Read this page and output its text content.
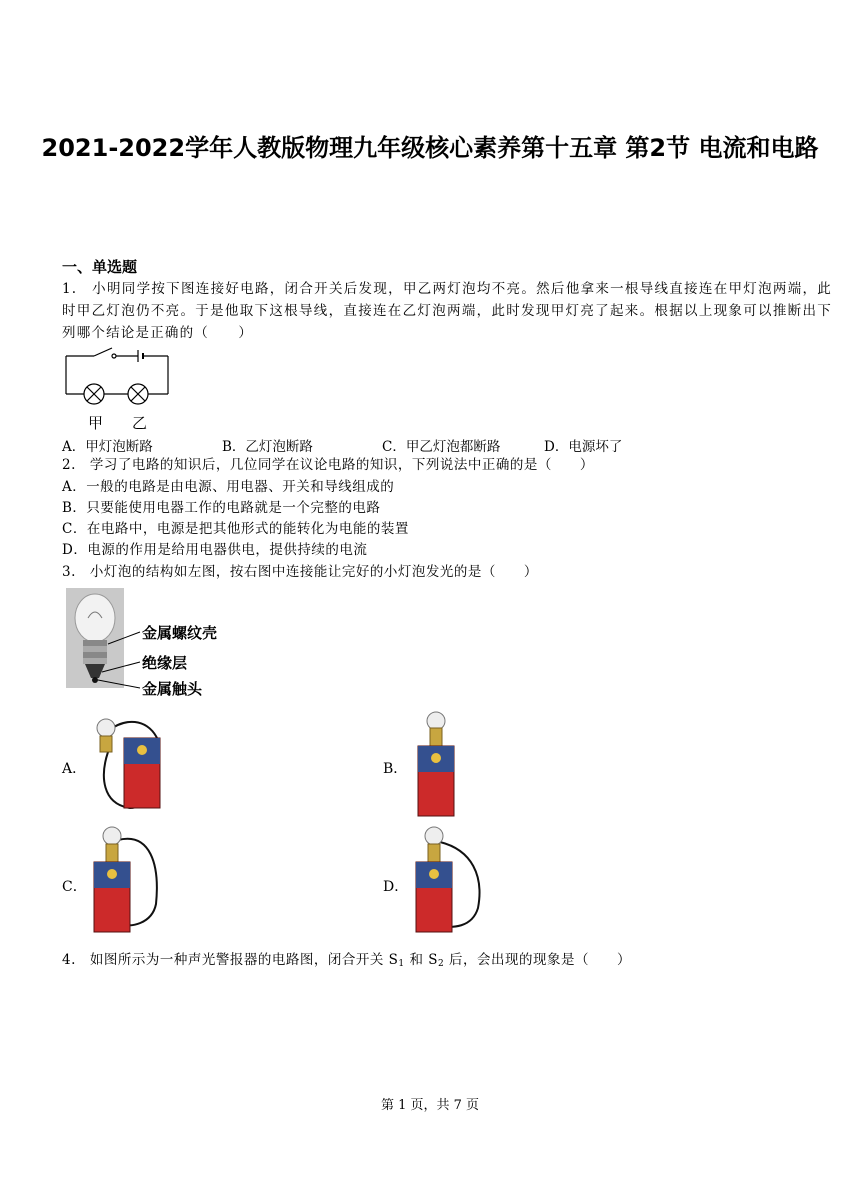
2021-2022学年人教版物理九年级核心素养第十五章 第2节 电流和电路
一、单选题
1.　小明同学按下图连接好电路，闭合开关后发现，甲乙两灯泡均不亮。然后他拿来一根导线直接连在甲灯泡两端，此时甲乙灯泡仍不亮。于是他取下这根导线，直接连在乙灯泡两端，此时发现甲灯亮了起来。根据以上现象可以推断出下列哪个结论是正确的（　　）
甲 乙
A．甲灯泡断路	B．乙灯泡断路	C．甲乙灯泡都断路	D．电源坏了
2.　学习了电路的知识后，几位同学在议论电路的知识，下列说法中正确的是（　　）
A．一般的电路是由电源、用电器、开关和导线组成的
B．只要能使用电器工作的电路就是一个完整的电路
C．在电路中，电源是把其他形式的能转化为电能的装置
D．电源的作用是给用电器供电，提供持续的电流
3.　小灯泡的结构如左图，按右图中连接能让完好的小灯泡发光的是（　　）
金属螺纹壳
绝缘层
金属触头
A．	B．
C．	D．
4.　如图所示为一种声光警报器的电路图，闭合开关 $S_1$ 和 $S_2$ 后，会出现的现象是（　　）
第 1 页，共 7 页
